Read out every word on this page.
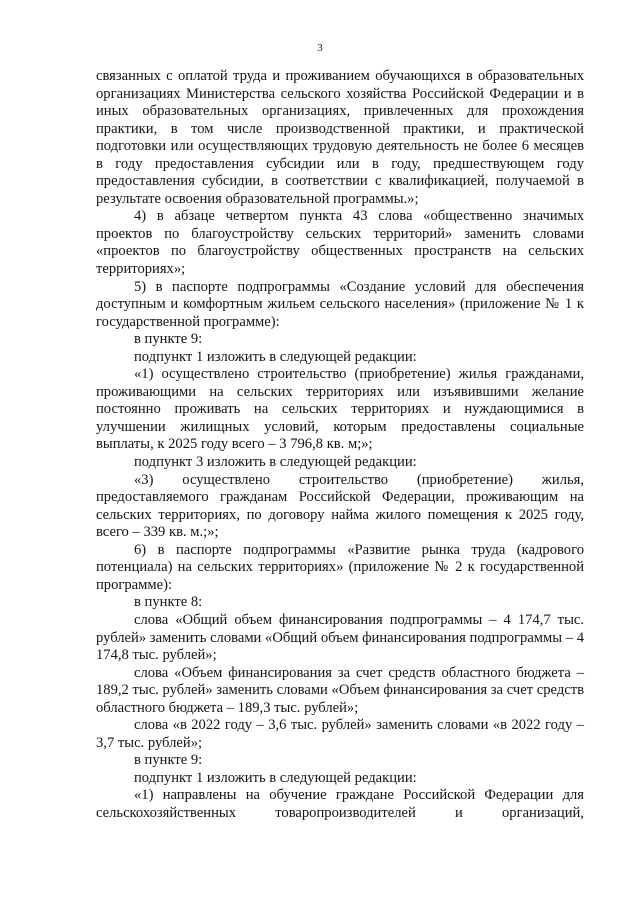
3

связанных с оплатой труда и проживанием обучающихся в образовательных организациях Министерства сельского хозяйства Российской Федерации и в иных образовательных организациях, привлеченных для прохождения практики, в том числе производственной практики, и практической подготовки или осуществляющих трудовую деятельность не более 6 месяцев в году предоставления субсидии или в году, предшествующем году предоставления субсидии, в соответствии с квалификацией, получаемой в результате освоения образовательной программы.»;

4) в абзаце четвертом пункта 43 слова «общественно значимых проектов по благоустройству сельских территорий» заменить словами «проектов по благоустройству общественных пространств на сельских территориях»;

5) в паспорте подпрограммы «Создание условий для обеспечения доступным и комфортным жильем сельского населения» (приложение № 1 к государственной программе):

в пункте 9:

подпункт 1 изложить в следующей редакции:

«1) осуществлено строительство (приобретение) жилья гражданами, проживающими на сельских территориях или изъявившими желание постоянно проживать на сельских территориях и нуждающимися в улучшении жилищных условий, которым предоставлены социальные выплаты, к 2025 году всего – 3 796,8 кв. м;»;

подпункт 3 изложить в следующей редакции:

«3) осуществлено строительство (приобретение) жилья, предоставляемого гражданам Российской Федерации, проживающим на сельских территориях, по договору найма жилого помещения к 2025 году, всего – 339 кв. м.;»;

6) в паспорте подпрограммы «Развитие рынка труда (кадрового потенциала) на сельских территориях» (приложение № 2 к государственной программе):

в пункте 8:

слова «Общий объем финансирования подпрограммы – 4 174,7 тыс. рублей» заменить словами «Общий объем финансирования подпрограммы – 4 174,8 тыс. рублей»;

слова «Объем финансирования за счет средств областного бюджета – 189,2 тыс. рублей» заменить словами «Объем финансирования за счет средств областного бюджета – 189,3 тыс. рублей»;

слова «в 2022 году – 3,6 тыс. рублей» заменить словами «в 2022 году – 3,7 тыс. рублей»;

в пункте 9:

подпункт 1 изложить в следующей редакции:

«1) направлены на обучение граждане Российской Федерации для сельскохозяйственных товаропроизводителей и организаций,
